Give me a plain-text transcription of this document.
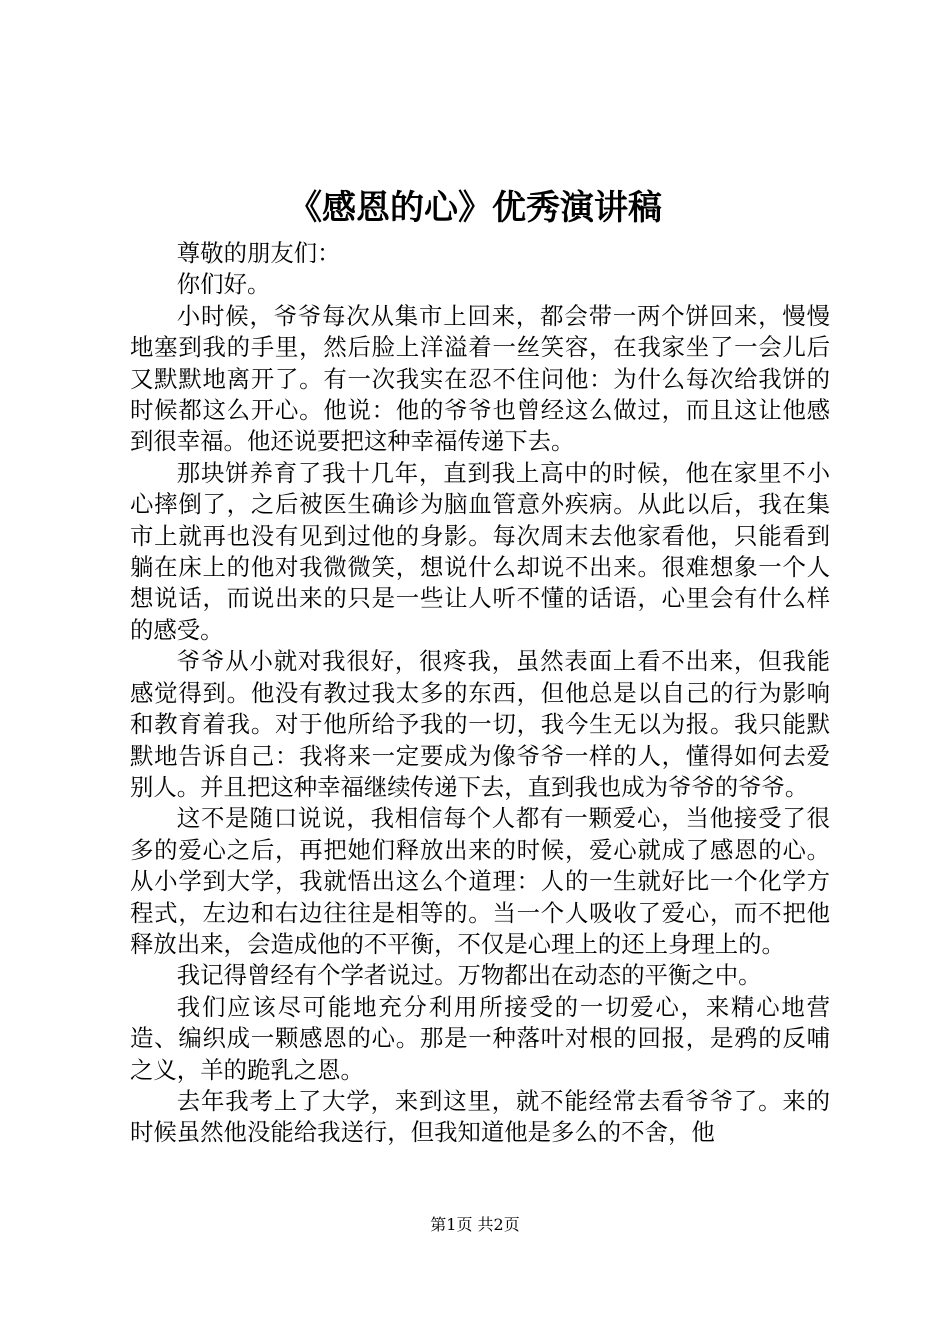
《感恩的心》优秀演讲稿

尊敬的朋友们：

你们好。

小时候，爷爷每次从集市上回来，都会带一两个饼回来，慢慢地塞到我的手里，然后脸上洋溢着一丝笑容，在我家坐了一会儿后又默默地离开了。有一次我实在忍不住问他：为什么每次给我饼的时候都这么开心。他说：他的爷爷也曾经这么做过，而且这让他感到很幸福。他还说要把这种幸福传递下去。

那块饼养育了我十几年，直到我上高中的时候，他在家里不小心摔倒了，之后被医生确诊为脑血管意外疾病。从此以后，我在集市上就再也没有见到过他的身影。每次周末去他家看他，只能看到躺在床上的他对我微微笑，想说什么却说不出来。很难想象一个人想说话，而说出来的只是一些让人听不懂的话语，心里会有什么样的感受。

爷爷从小就对我很好，很疼我，虽然表面上看不出来，但我能感觉得到。他没有教过我太多的东西，但他总是以自己的行为影响和教育着我。对于他所给予我的一切，我今生无以为报。我只能默默地告诉自己：我将来一定要成为像爷爷一样的人，懂得如何去爱别人。并且把这种幸福继续传递下去，直到我也成为爷爷的爷爷。

这不是随口说说，我相信每个人都有一颗爱心，当他接受了很多的爱心之后，再把她们释放出来的时候，爱心就成了感恩的心。从小学到大学，我就悟出这么个道理：人的一生就好比一个化学方程式，左边和右边往往是相等的。当一个人吸收了爱心，而不把他释放出来，会造成他的不平衡，不仅是心理上的还上身理上的。

我记得曾经有个学者说过。万物都出在动态的平衡之中。

我们应该尽可能地充分利用所接受的一切爱心，来精心地营造、编织成一颗感恩的心。那是一种落叶对根的回报，是鸦的反哺之义，羊的跪乳之恩。

去年我考上了大学，来到这里，就不能经常去看爷爷了。来的时候虽然他没能给我送行，但我知道他是多么的不舍，他

第1页 共2页
